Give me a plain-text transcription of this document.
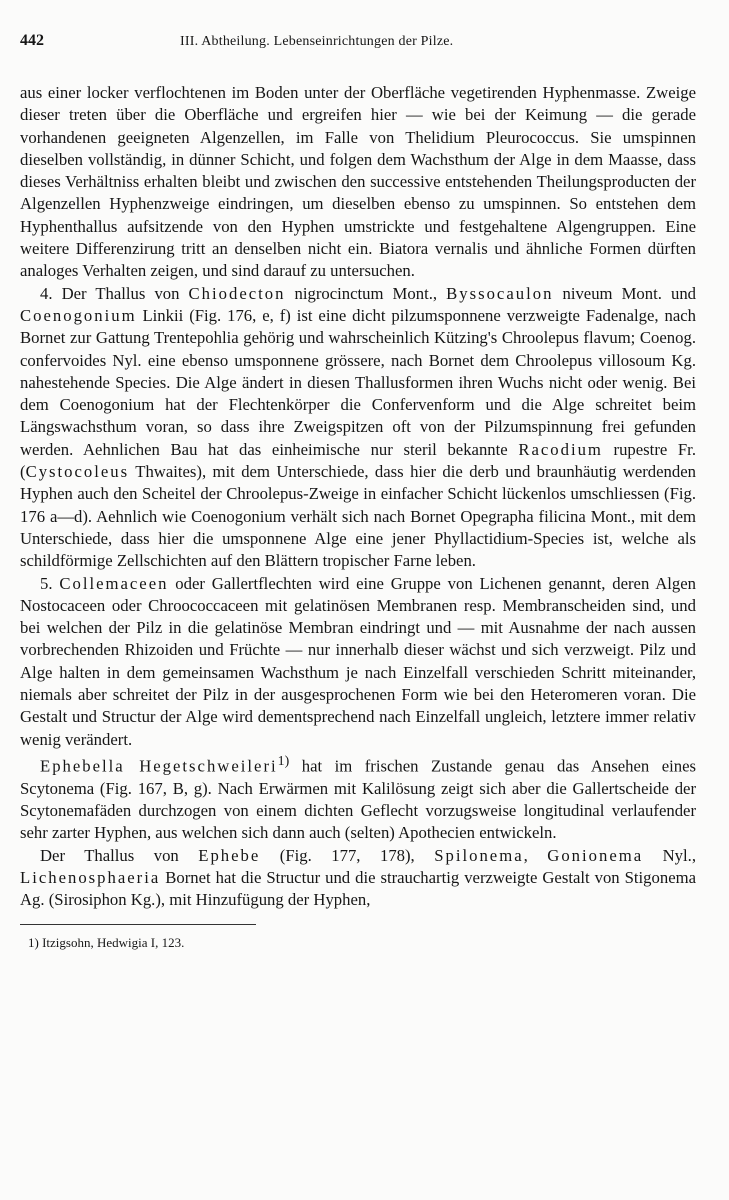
442	III. Abtheilung. Lebenseinrichtungen der Pilze.

aus einer locker verflochtenen im Boden unter der Oberfläche vegetirenden Hyphenmasse. Zweige dieser treten über die Oberfläche und ergreifen hier — wie bei der Keimung — die gerade vorhandenen geeigneten Algenzellen, im Falle von Thelidium Pleurococcus. Sie umspinnen dieselben vollständig, in dünner Schicht, und folgen dem Wachsthum der Alge in dem Maasse, dass dieses Verhältniss erhalten bleibt und zwischen den successive entstehenden Theilungsproducten der Algenzellen Hyphenzweige eindringen, um dieselben ebenso zu umspinnen. So entstehen dem Hyphenthallus aufsitzende von den Hyphen umstrickte und festgehaltene Algengruppen. Eine weitere Differenzirung tritt an denselben nicht ein. Biatora vernalis und ähnliche Formen dürften analoges Verhalten zeigen, und sind darauf zu untersuchen.

4. Der Thallus von Chiodecton nigrocinctum Mont., Byssocaulon niveum Mont. und Coenogonium Linkii (Fig. 176, e, f) ist eine dicht pilzumsponnene verzweigte Fadenalge, nach Bornet zur Gattung Trentepohlia gehörig und wahrscheinlich Kützing's Chroolepus flavum; Coenog. confervoides Nyl. eine ebenso umsponnene grössere, nach Bornet dem Chroolepus villosoum Kg. nahestehende Species. Die Alge ändert in diesen Thallusformen ihren Wuchs nicht oder wenig. Bei dem Coenogonium hat der Flechtenkörper die Confervenform und die Alge schreitet beim Längswachsthum voran, so dass ihre Zweigspitzen oft von der Pilzumspinnung frei gefunden werden. Aehnlichen Bau hat das einheimische nur steril bekannte Racodium rupestre Fr. (Cystocoleus Thwaites), mit dem Unterschiede, dass hier die derb und braunhäutig werdenden Hyphen auch den Scheitel der Chroolepus-Zweige in einfacher Schicht lückenlos umschliessen (Fig. 176 a—d). Aehnlich wie Coenogonium verhält sich nach Bornet Opegrapha filicina Mont., mit dem Unterschiede, dass hier die umsponnene Alge eine jener Phyllactidium-Species ist, welche als schildförmige Zellschichten auf den Blättern tropischer Farne leben.

5. Collemaceen oder Gallertflechten wird eine Gruppe von Lichenen genannt, deren Algen Nostocaceen oder Chroococcaceen mit gelatinösen Membranen resp. Membranscheiden sind, und bei welchen der Pilz in die gelatinöse Membran eindringt und — mit Ausnahme der nach aussen vorbrechenden Rhizoiden und Früchte — nur innerhalb dieser wächst und sich verzweigt. Pilz und Alge halten in dem gemeinsamen Wachsthum je nach Einzelfall verschieden Schritt miteinander, niemals aber schreitet der Pilz in der ausgesprochenen Form wie bei den Heteromeren voran. Die Gestalt und Structur der Alge wird dementsprechend nach Einzelfall ungleich, letztere immer relativ wenig verändert.

Ephebella Hegetschweileri$^{1)}$ hat im frischen Zustande genau das Ansehen eines Scytonema (Fig. 167, B, g). Nach Erwärmen mit Kalilösung zeigt sich aber die Gallertscheide der Scytonemafäden durchzogen von einem dichten Geflecht vorzugsweise longitudinal verlaufender sehr zarter Hyphen, aus welchen sich dann auch (selten) Apothecien entwickeln.

Der Thallus von Ephebe (Fig. 177, 178), Spilonema, Gonionema Nyl., Lichenosphaeria Bornet hat die Structur und die strauchartig verzweigte Gestalt von Stigonema Ag. (Sirosiphon Kg.), mit Hinzufügung der Hyphen,

1) Itzigsohn, Hedwigia I, 123.
